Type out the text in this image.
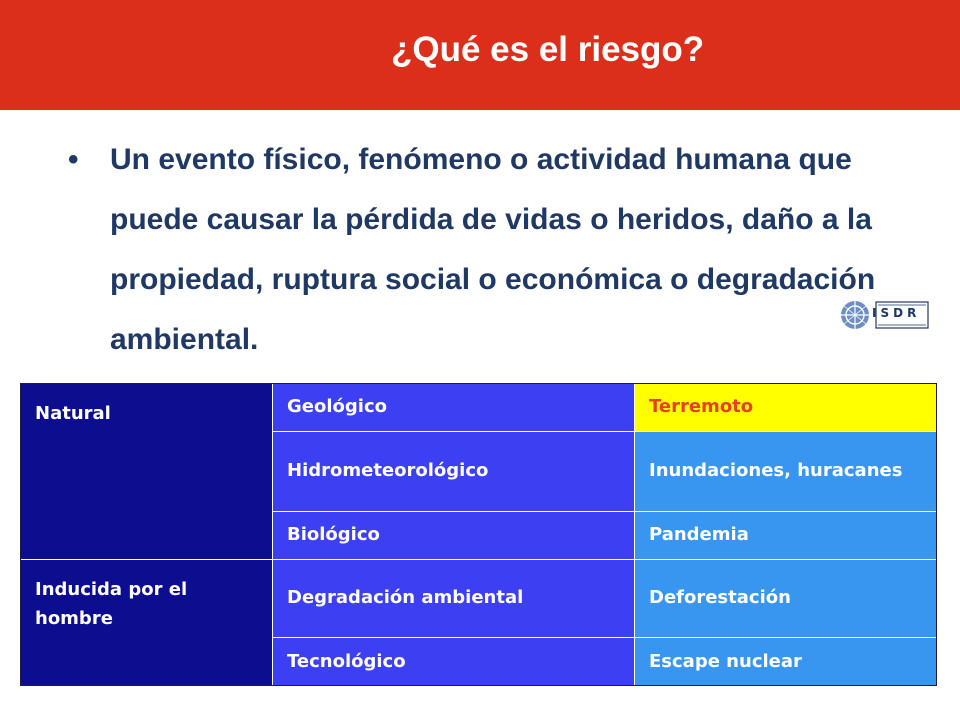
¿Qué es el riesgo?
• Un evento físico, fenómeno o actividad humana que puede causar la pérdida de vidas o heridos, daño a la propiedad, ruptura social o económica o degradación ambiental.

ISDR
Natural	Geológico	Terremoto
	Hidrometeorológico	Inundaciones, huracanes
	Biológico	Pandemia
Inducida por el hombre	Degradación ambiental	Deforestación
	Tecnológico	Escape nuclear
